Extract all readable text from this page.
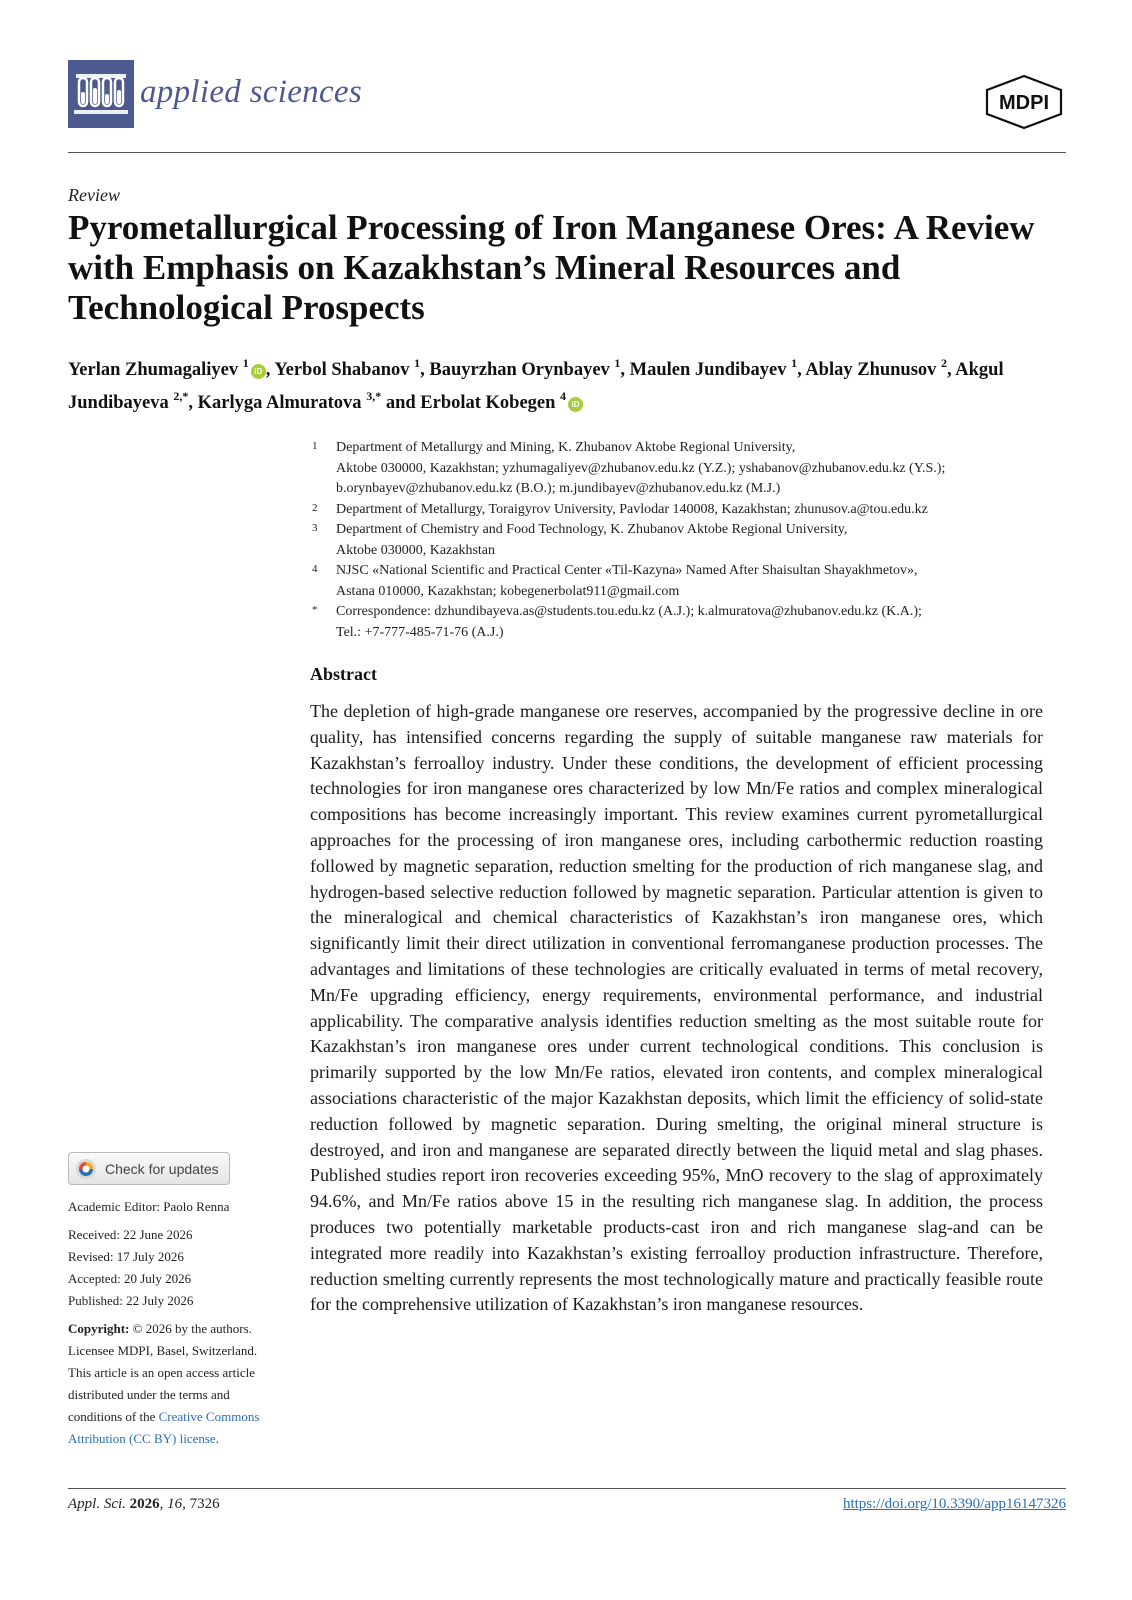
applied sciences	MDPI
Review
Pyrometallurgical Processing of Iron Manganese Ores: A Review with Emphasis on Kazakhstan’s Mineral Resources and Technological Prospects
Yerlan Zhumagaliyev $^1$iD , Yerbol Shabanov $^1$, Bauyrzhan Orynbayev $^1$, Maulen Jundibayev $^1$, Ablay Zhunusov $^2$, Akgul Jundibayeva $^{2,*}$, Karlyga Almuratova $^{3,*}$ and Erbolat Kobegen $^4$iD
1	Department of Metallurgy and Mining, K. Zhubanov Aktobe Regional University,
Aktobe 030000, Kazakhstan; yzhumagaliyev@zhubanov.edu.kz (Y.Z.); yshabanov@zhubanov.edu.kz (Y.S.);
b.orynbayev@zhubanov.edu.kz (B.O.); m.jundibayev@zhubanov.edu.kz (M.J.)
2	Department of Metallurgy, Toraigyrov University, Pavlodar 140008, Kazakhstan; zhunusov.a@tou.edu.kz
3	Department of Chemistry and Food Technology, K. Zhubanov Aktobe Regional University,
Aktobe 030000, Kazakhstan
4	NJSC «National Scientific and Practical Center «Til-Kazyna» Named After Shaisultan Shayakhmetov»,
Astana 010000, Kazakhstan; kobegenerbolat911@gmail.com
*	Correspondence: dzhundibayeva.as@students.tou.edu.kz (A.J.); k.almuratova@zhubanov.edu.kz (K.A.);
Tel.: +7-777-485-71-76 (A.J.)
Abstract
The depletion of high-grade manganese ore reserves, accompanied by the progressive decline in ore quality, has intensified concerns regarding the supply of suitable manganese raw materials for Kazakhstan’s ferroalloy industry. Under these conditions, the development of efficient processing technologies for iron manganese ores characterized by low Mn/Fe ratios and complex mineralogical compositions has become increasingly important. This review examines current pyrometallurgical approaches for the processing of iron manganese ores, including carbothermic reduction roasting followed by magnetic separation, reduction smelting for the production of rich manganese slag, and hydrogen-based selective reduction followed by magnetic separation. Particular attention is given to the mineralogical and chemical characteristics of Kazakhstan’s iron manganese ores, which significantly limit their direct utilization in conventional ferromanganese production processes. The advantages and limitations of these technologies are critically evaluated in terms of metal recovery, Mn/Fe upgrading efficiency, energy requirements, environmental performance, and industrial applicability. The comparative analysis identifies reduction smelting as the most suitable route for Kazakhstan’s iron manganese ores under current technological conditions. This conclusion is primarily supported by the low Mn/Fe ratios, elevated iron contents, and complex mineralogical associations characteristic of the major Kazakhstan deposits, which limit the efficiency of solid-state reduction followed by magnetic separation. During smelting, the original mineral structure is destroyed, and iron and manganese are separated directly between the liquid metal and slag phases. Published studies report iron recoveries exceeding 95%, MnO recovery to the slag of approximately 94.6%, and Mn/Fe ratios above 15 in the resulting rich manganese slag. In addition, the process produces two potentially marketable products-cast iron and rich manganese slag-and can be integrated more readily into Kazakhstan’s existing ferroalloy production infrastructure. Therefore, reduction smelting currently represents the most technologically mature and practically feasible route for the comprehensive utilization of Kazakhstan’s iron manganese resources.
Check for updates
Academic Editor: Paolo Renna
Received: 22 June 2026
Revised: 17 July 2026
Accepted: 20 July 2026
Published: 22 July 2026
Copyright: © 2026 by the authors.
Licensee MDPI, Basel, Switzerland.
This article is an open access article
distributed under the terms and
conditions of the Creative Commons
Attribution (CC BY) license.
Appl. Sci. 2026, 16, 7326	https://doi.org/10.3390/app16147326
